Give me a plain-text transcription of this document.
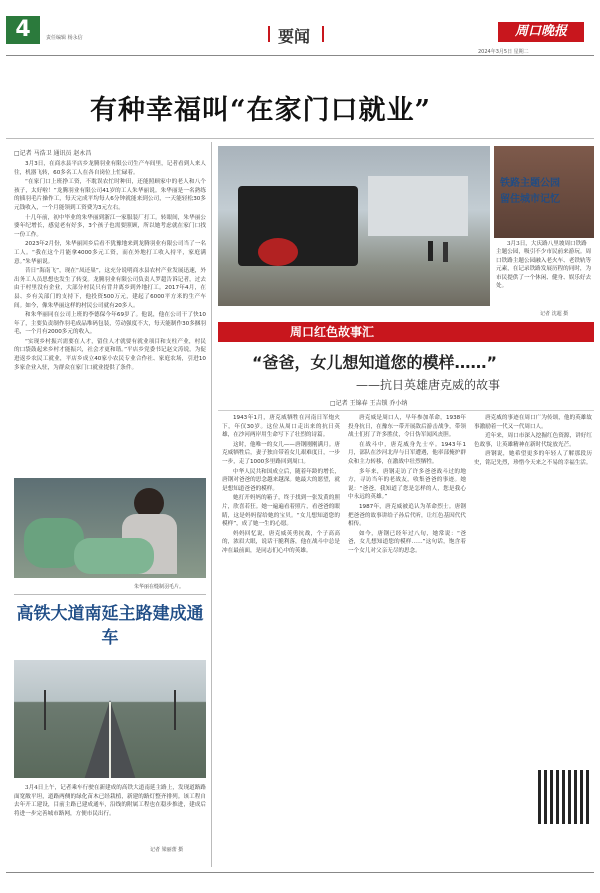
4	责任编辑 杨永信	要闻	周口晚报
2024年3月5日 星期二
有种幸福叫“在家门口就业”
□记者 马浩卫 通讯员 赵永昌

3月3日，在商水县平店乡龙腾羽业有限公司生产车间里，记者看到人来人往，机器飞转，60多名工人在各自岗位上忙碌着。

“在家门口上班挣工资，不耽误农忙时种田，还能照顾家中的老人和八个孩子，太好啦！”龙腾羽业有限公司41岁的工人朱华丽说。朱华丽是一名熟练的插羽毛片操作工，每天完成平均每人6分钟就能来到公司，一天能轻松30多元钱收入，一个月能领到工资费为3元左右。

十几年前，初中毕业的朱华丽到浙江一家服装厂打工。转眼间，朱华丽公婆年纪增长，感觉老有好多，3个孩子也需要照顾，所以她考虑就在家门口找一份工作。

2023年2月份，朱华丽回乡后看不犹豫地来到龙腾羽业有限公司当了一名工人。“我在这个月能拿4000多元工资，而在外地打工收入持平，家庭满意。”朱华丽说。

昔日“海南飞”，现在“凤还巢”，这充分说明商水县农村产业发展迅速，外出务工人员思想也发生了转变。龙腾羽业有限公司负责人罗超告诉记者，过去由于村里没有企业，大部分村民只有背井离乡到外地打工。2017年4月，在县、乡有关部门的支持下，他投资500万元，建起了6000平方米的生产车间。如今，像朱华丽这样的村民公司就有20多人。

和朱华丽同在公司上班的李德保今年69岁了。他说，他在公司干了快10年了，主要负责制作羽毛成品堆码包装，劳动强度不大，每天能制作30多捆羽毛，一个月有2000多元的收入。

“实现乡村振兴需要在人才，留住人才就要有就业项目和支柱产业，村民的口袋鼓起来乡村才能振兴，社会才更和谐。”平店乡党委书记赵文涛说，为促进返乡农民工就业，平店乡成立40家小农民专业合作社、家庭农场，引进10多家企业入驻，为群众在家门口就业提供了条件。

朱华丽在缝制羽毛片。
高铁大道南延主路建成通车
3月4日上午，记者乘车行驶在新建成的高铁大道南延主路上，发现道路路面宽敞平坦，道路两侧的绿化苗木已经栽植，新建的路灯整齐排列。该工程自去年开工建设，目前主路已建成通车，沿线的附属工程也在稳步推进，建成后将进一步完善城市路网，方便市民出行。
记者 梁丽蕾 摄
铁路主题公园
留住城市记忆
3月3日，大庆路八里坡周口铁路主题公园，吸引不少市民前来游玩。周口铁路主题公园融入老火车、老铁轨等元素，在记录铁路发展历程的同时，为市民提供了一个休闲、健身、娱乐好去处。
记者 沈超 摄
周口红色故事汇
“爸爸，女儿想知道您的模样……”
——抗日英雄唐克威的故事
□记者 王锦春 王吉锁 乔小纳

1943年1月，唐克威牺牲在河南日军炮火下，年仅30岁。这位从周口走出来的抗日英雄，在沙河两岸用生命写下了壮烈的诗篇。

这时，他唯一的女儿——唐钢刚刚满月。唐克威牺牲后，妻子独自带着女儿艰难度日，一步一步，走了1000多里路回到周口。

中华人民共和国成立后，随着年龄的增长，唐钢对爸爸的思念越来越深。她最大的愿望，就是想知道爸爸的模样。

她打开妈妈的箱子，终于找到一张发黄的照片，欣喜若狂。她一遍遍看着照片，看爸爸的眼睛，这是妈妈留给她的宝贝。“女儿想知道您的模样”，成了她一生的心愿。

妈妈回忆说，唐克威英勇抗战，个子高高的，浓眉大眼，说话干脆利落，他在战斗中总是冲在最前面，是同志们心中的英雄。

唐克威是周口人，早年参加革命，1938年投身抗日，在豫东一带开展敌后游击战争，带领战士们打了许多胜仗，令日伪军闻风丧胆。

在战斗中，唐克威身先士卒。1943年1月，部队在沙河北岸与日军遭遇，他率部掩护群众和主力转移，在激战中壮烈牺牲。

多年来，唐钢走访了许多爸爸战斗过的地方，寻访当年的老战友，收集爸爸的事迹。她说：“爸爸，我知道了您是怎样的人，您是我心中永远的英雄。”

1987年，唐克威被追认为革命烈士。唐钢把爸爸的故事讲给子孙后代听，让红色基因代代相传。

如今，唐钢已经年过八旬，她常说：“爸爸，女儿想知道您的模样……”这句话，饱含着一个女儿对父亲无尽的思念。

唐克威的事迹在周口广为传颂，他的英雄故事激励着一代又一代周口人。

近年来，周口市深入挖掘红色资源，讲好红色故事，让英雄精神在新时代绽放光芒。

唐钢说，她希望更多的年轻人了解那段历史，铭记先烈，珍惜今天来之不易的幸福生活。
